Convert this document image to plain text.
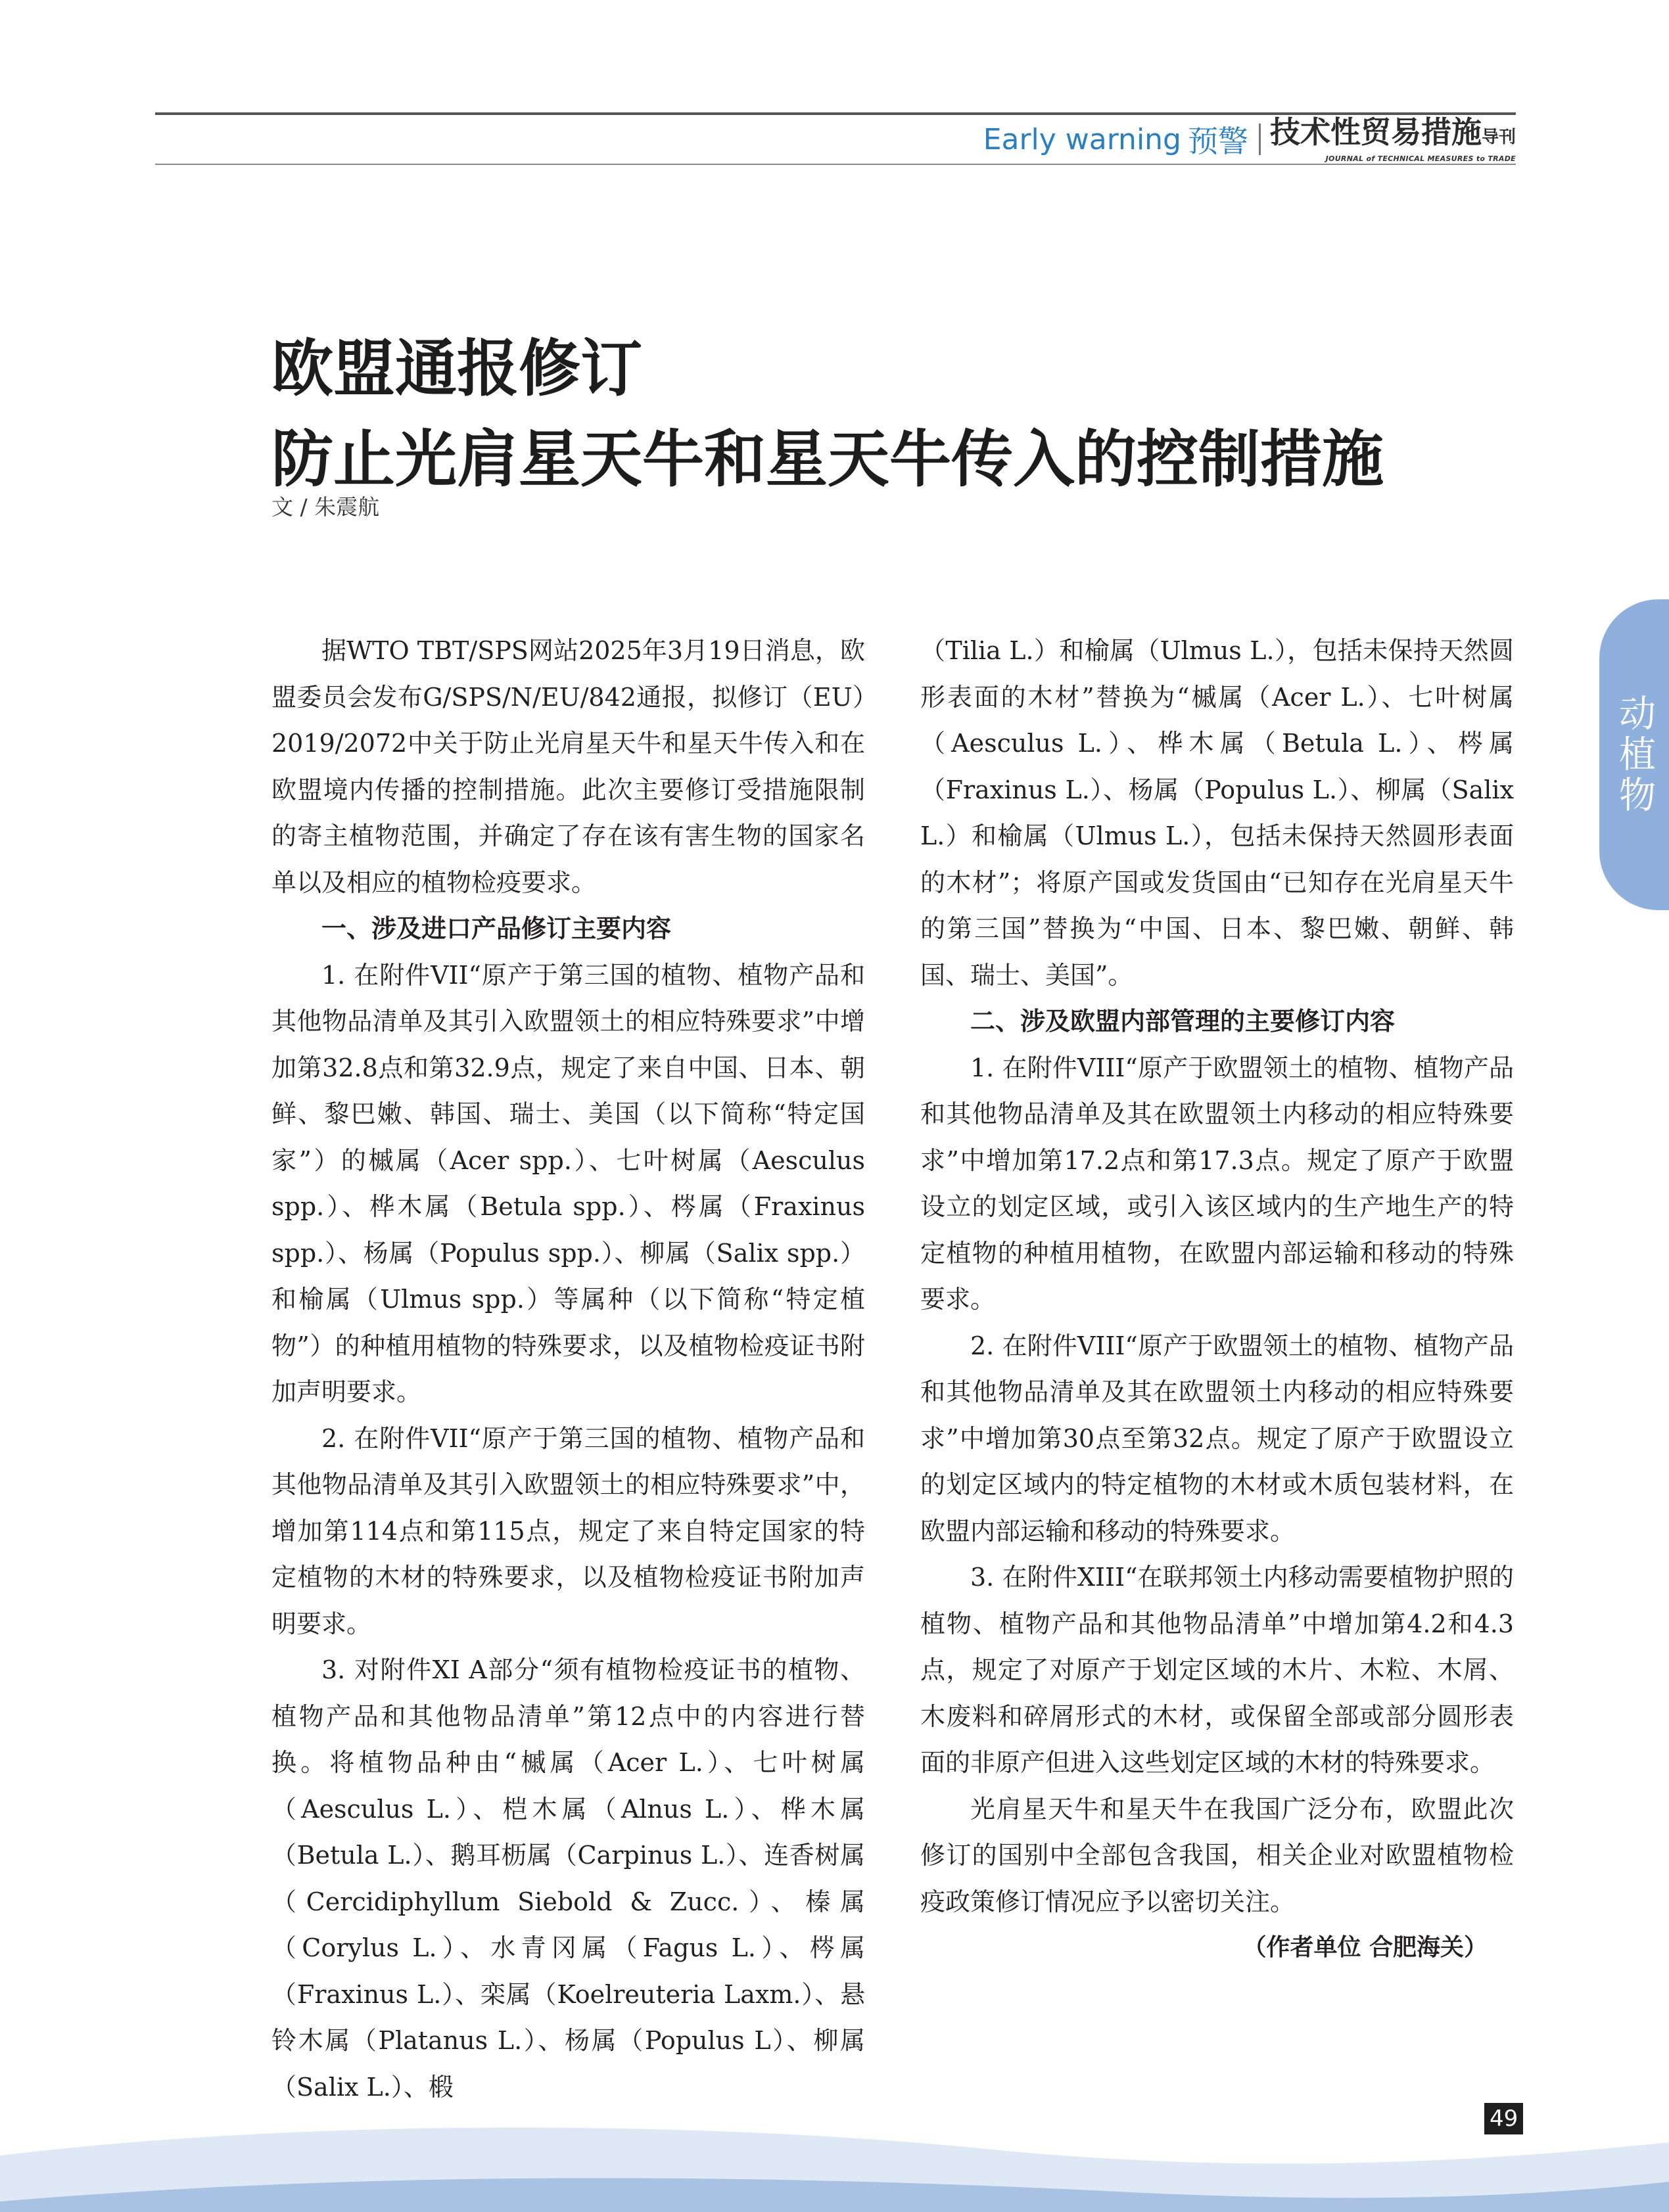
Early warning 预警 技术性贸易措施导刊
JOURNAL of TECHNICAL MEASURES to TRADE
欧盟通报修订
防止光肩星天牛和星天牛传入的控制措施
文 / 朱震航

据WTO TBT/SPS网站2025年3月19日消息，欧盟委员会发布G/SPS/N/EU/842通报，拟修订（EU）2019/2072中关于防止光肩星天牛和星天牛传入和在欧盟境内传播的控制措施。此次主要修订受措施限制的寄主植物范围，并确定了存在该有害生物的国家名单以及相应的植物检疫要求。

一、涉及进口产品修订主要内容

1. 在附件VII“原产于第三国的植物、植物产品和其他物品清单及其引入欧盟领土的相应特殊要求”中增加第32.8点和第32.9点，规定了来自中国、日本、朝鲜、黎巴嫩、韩国、瑞士、美国（以下简称“特定国家”）的槭属（Acer spp.）、七叶树属（Aesculus spp.）、桦木属（Betula spp.）、梣属（Fraxinus spp.）、杨属（Populus spp.）、柳属（Salix spp.）和榆属（Ulmus spp.）等属种（以下简称“特定植物”）的种植用植物的特殊要求，以及植物检疫证书附加声明要求。

2. 在附件VII“原产于第三国的植物、植物产品和其他物品清单及其引入欧盟领土的相应特殊要求”中，增加第114点和第115点，规定了来自特定国家的特定植物的木材的特殊要求，以及植物检疫证书附加声明要求。

3. 对附件XI A部分“须有植物检疫证书的植物、植物产品和其他物品清单”第12点中的内容进行替换。将植物品种由“槭属（Acer L.）、七叶树属（Aesculus L.）、桤木属（Alnus L.）、桦木属（Betula L.）、鹅耳枥属（Carpinus L.）、连香树属（Cercidiphyllum Siebold & Zucc.）、榛属（Corylus L.）、水青冈属（Fagus L.）、梣属（Fraxinus L.）、栾属（Koelreuteria Laxm.）、悬铃木属（Platanus L.）、杨属（Populus L）、柳属（Salix L.）、椴

（Tilia L.）和榆属（Ulmus L.），包括未保持天然圆形表面的木材”替换为“槭属（Acer L.）、七叶树属（Aesculus L.）、桦木属（Betula L.）、梣属（Fraxinus L.）、杨属（Populus L.）、柳属（Salix L.）和榆属（Ulmus L.），包括未保持天然圆形表面的木材”；将原产国或发货国由“已知存在光肩星天牛的第三国”替换为“中国、日本、黎巴嫩、朝鲜、韩国、瑞士、美国”。

二、涉及欧盟内部管理的主要修订内容

1. 在附件VIII“原产于欧盟领土的植物、植物产品和其他物品清单及其在欧盟领土内移动的相应特殊要求”中增加第17.2点和第17.3点。规定了原产于欧盟设立的划定区域，或引入该区域内的生产地生产的特定植物的种植用植物，在欧盟内部运输和移动的特殊要求。

2. 在附件VIII“原产于欧盟领土的植物、植物产品和其他物品清单及其在欧盟领土内移动的相应特殊要求”中增加第30点至第32点。规定了原产于欧盟设立的划定区域内的特定植物的木材或木质包装材料，在欧盟内部运输和移动的特殊要求。

3. 在附件XIII“在联邦领土内移动需要植物护照的植物、植物产品和其他物品清单”中增加第4.2和4.3点，规定了对原产于划定区域的木片、木粒、木屑、木废料和碎屑形式的木材，或保留全部或部分圆形表面的非原产但进入这些划定区域的木材的特殊要求。

光肩星天牛和星天牛在我国广泛分布，欧盟此次修订的国别中全部包含我国，相关企业对欧盟植物检疫政策修订情况应予以密切关注。

（作者单位 合肥海关）
动植物
49
